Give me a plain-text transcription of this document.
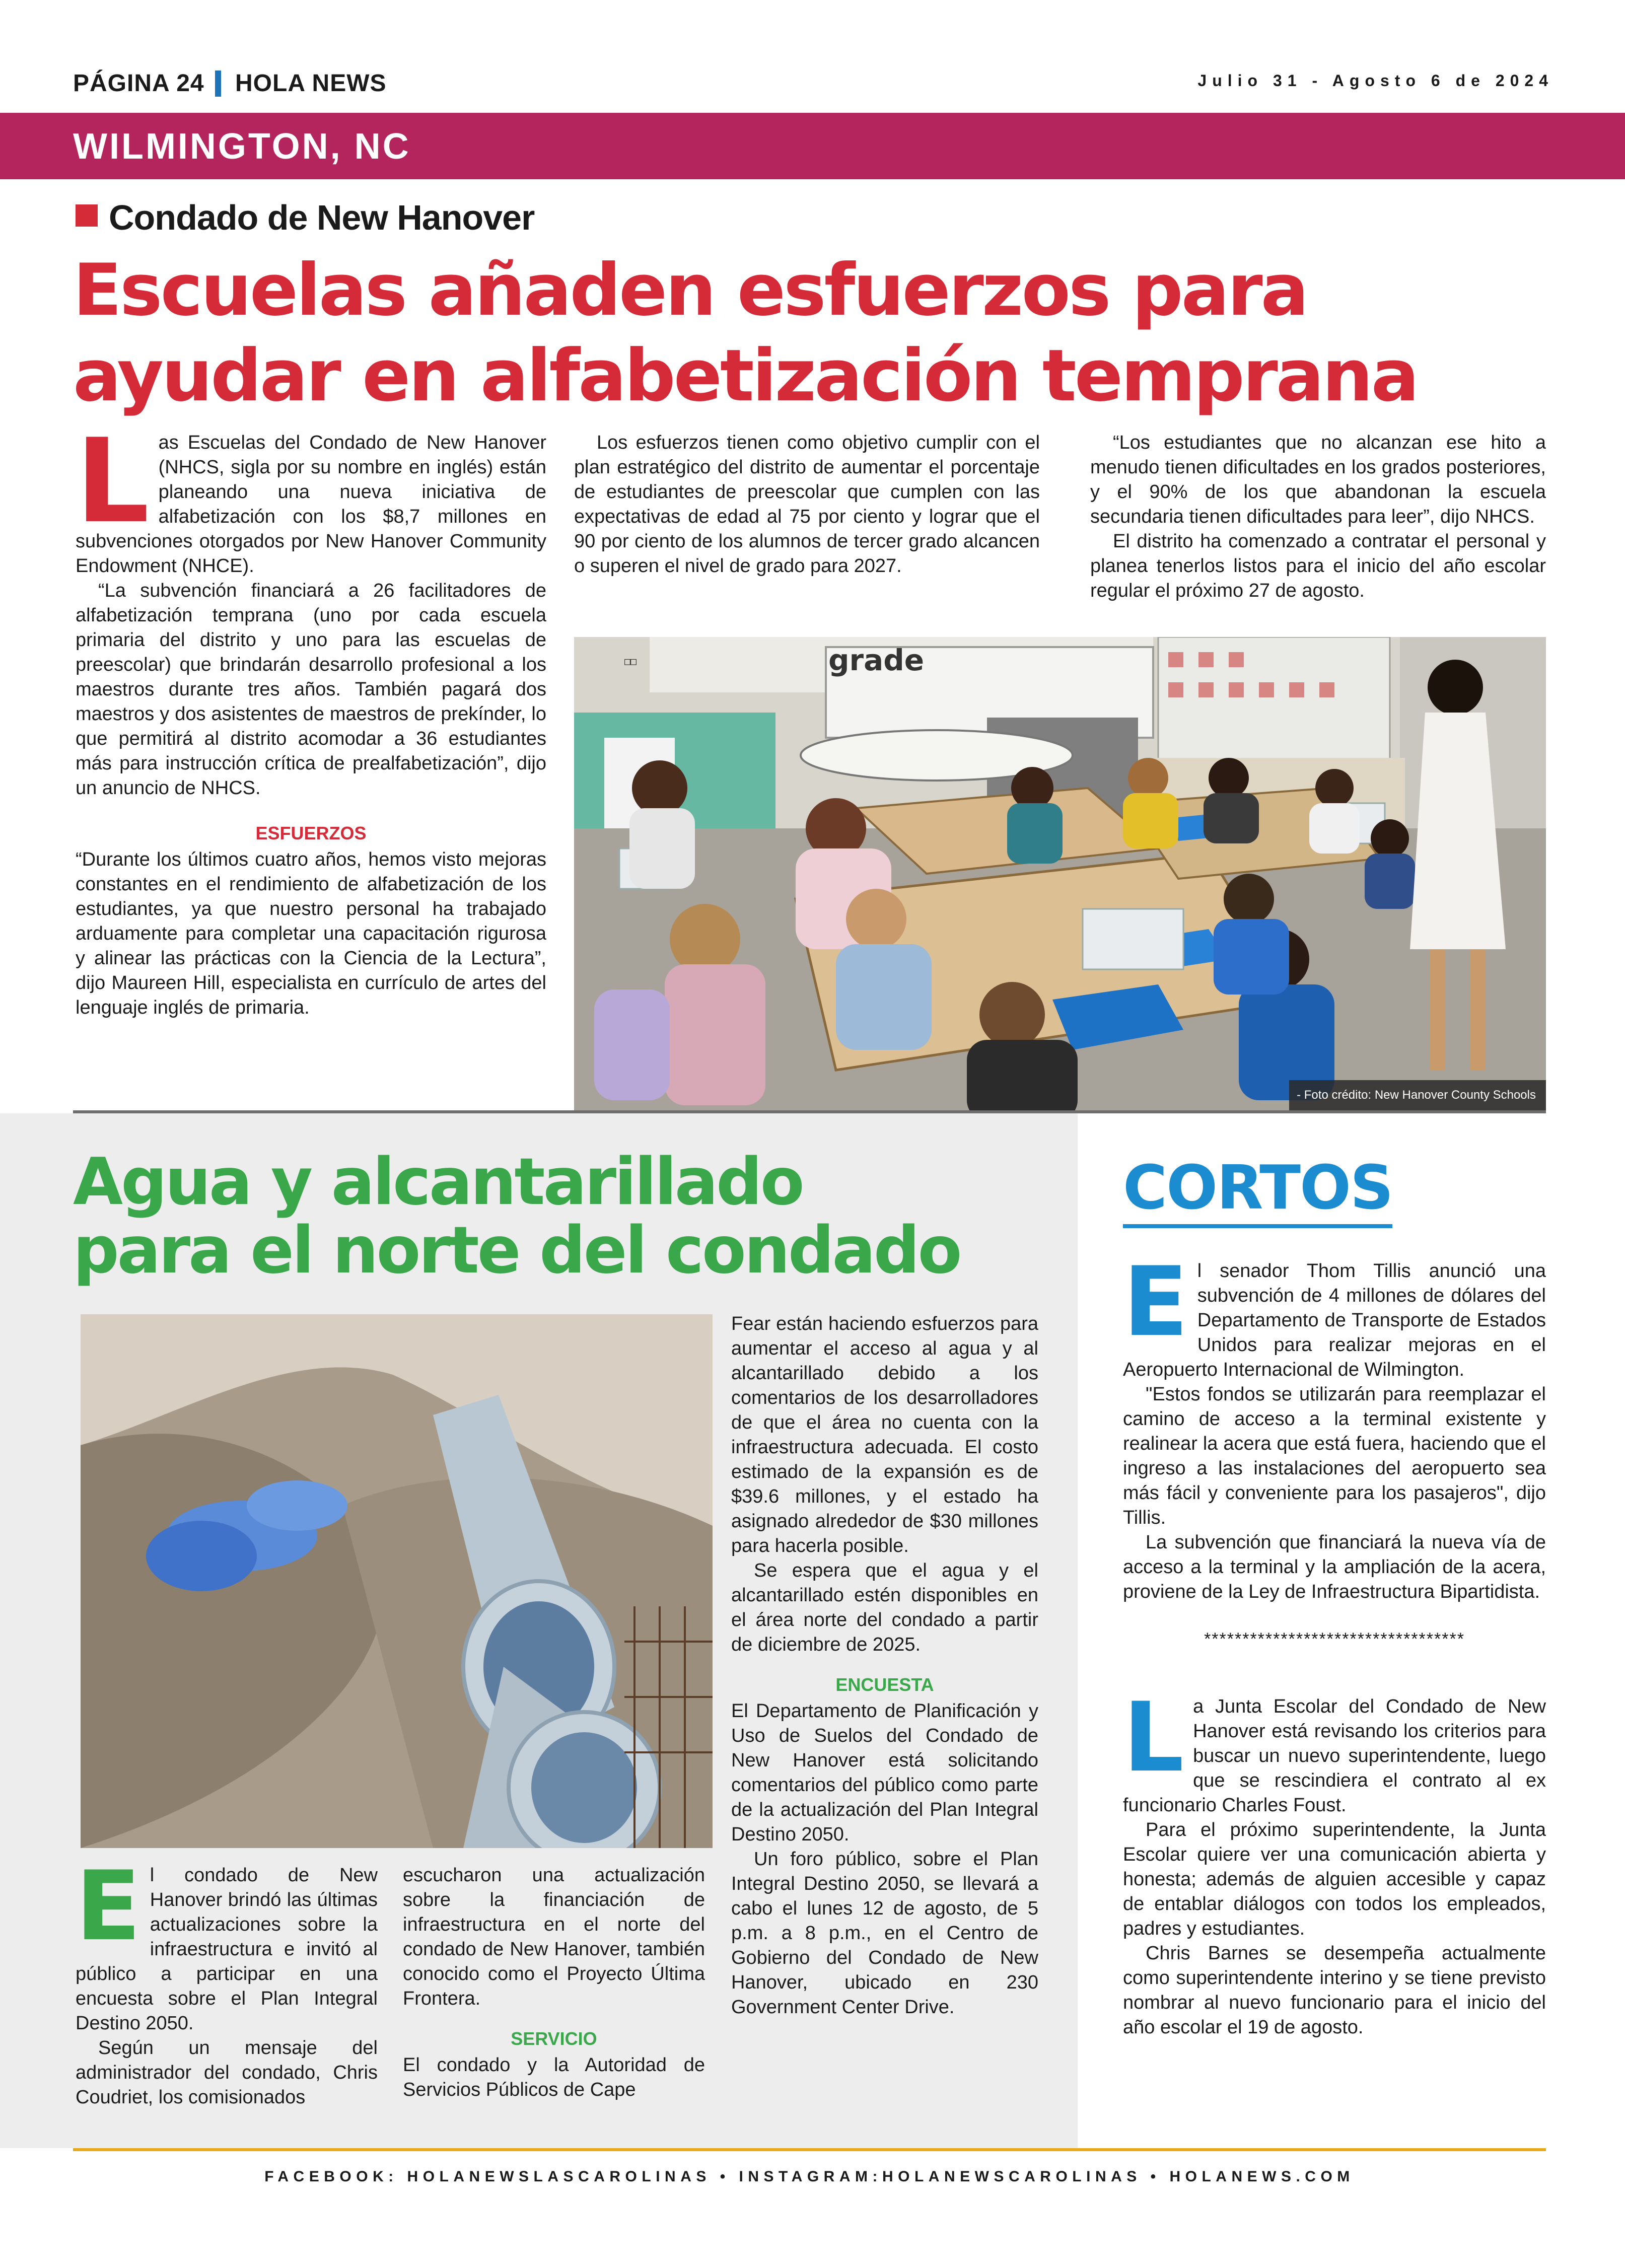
PÁGINA 24 HOLA NEWS	Julio 31 - Agosto 6 de 2024
WILMINGTON, NC
Condado de New Hanover
Escuelas añaden esfuerzos para
ayudar en alfabetización temprana

Las Escuelas del Condado de New Hanover (NHCS, sigla por su nombre en inglés) están planeando una nueva iniciativa de alfabetización con los $8,7 millones en subvenciones otorgados por New Hanover Community Endowment (NHCE).

“La subvención financiará a 26 facilitadores de alfabetización temprana (uno por cada escuela primaria del distrito y uno para las escuelas de preescolar) que brindarán desarrollo profesional a los maestros durante tres años. También pagará dos maestros y dos asistentes de maestros de prekínder, lo que permitirá al distrito acomodar a 36 estudiantes más para instrucción crítica de prealfabetización”, dijo un anuncio de NHCS.

ESFUERZOS

“Durante los últimos cuatro años, hemos visto mejoras constantes en el rendimiento de alfabetización de los estudiantes, ya que nuestro personal ha trabajado arduamente para completar una capacitación rigurosa y alinear las prácticas con la Ciencia de la Lectura”, dijo Maureen Hill, especialista en currículo de artes del lenguaje inglés de primaria.

Los esfuerzos tienen como objetivo cumplir con el plan estratégico del distrito de aumentar el porcentaje de estudiantes de preescolar que cumplen con las expectativas de edad al 75 por ciento y lograr que el 90 por ciento de los alumnos de tercer grado alcancen o superen el nivel de grado para 2027.

“Los estudiantes que no alcanzan ese hito a menudo tienen dificultades en los grados posteriores, y el 90% de los que abandonan la escuela secundaria tienen dificultades para leer”, dijo NHCS.

El distrito ha comenzado a contratar el personal y planea tenerlos listos para el inicio del año escolar regular el próximo 27 de agosto.

□□	grade
- Foto crédito: New Hanover County Schools
Agua y alcantarillado
para el norte del condado

El condado de New Hanover brindó las últimas actualizaciones sobre la infraestructura e invitó al público a participar en una encuesta sobre el Plan Integral Destino 2050.

Según un mensaje del administrador del condado, Chris Coudriet, los comisionados

escucharon una actualización sobre la financiación de infraestructura en el norte del condado de New Hanover, también conocido como el Proyecto Última Frontera.

SERVICIO

El condado y la Autoridad de Servicios Públicos de Cape

Fear están haciendo esfuerzos para aumentar el acceso al agua y al alcantarillado debido a los comentarios de los desarrolladores de que el área no cuenta con la infraestructura adecuada. El costo estimado de la expansión es de $39.6 millones, y el estado ha asignado alrededor de $30 millones para hacerla posible.

Se espera que el agua y el alcantarillado estén disponibles en el área norte del condado a partir de diciembre de 2025.

ENCUESTA

El Departamento de Planificación y Uso de Suelos del Condado de New Hanover está solicitando comentarios del público como parte de la actualización del Plan Integral Destino 2050.

Un foro público, sobre el Plan Integral Destino 2050, se llevará a cabo el lunes 12 de agosto, de 5 p.m. a 8 p.m., en el Centro de Gobierno del Condado de New Hanover, ubicado en 230 Government Center Drive.

CORTOS

El senador Thom Tillis anunció una subvención de 4 millones de dólares del Departamento de Transporte de Estados Unidos para realizar mejoras en el Aeropuerto Internacional de Wilmington.

"Estos fondos se utilizarán para reemplazar el camino de acceso a la terminal existente y realinear la acera que está fuera, haciendo que el ingreso a las instalaciones del aeropuerto sea más fácil y conveniente para los pasajeros", dijo Tillis.

La subvención que financiará la nueva vía de acceso a la terminal y la ampliación de la acera, proviene de la Ley de Infraestructura Bipartidista.

**********************************

La Junta Escolar del Condado de New Hanover está revisando los criterios para buscar un nuevo superintendente, luego que se rescindiera el contrato al ex funcionario Charles Foust.

Para el próximo superintendente, la Junta Escolar quiere ver una comunicación abierta y honesta; además de alguien accesible y capaz de entablar diálogos con todos los empleados, padres y estudiantes.

Chris Barnes se desempeña actualmente como superintendente interino y se tiene previsto nombrar al nuevo funcionario para el inicio del año escolar el 19 de agosto.

FACEBOOK: HOLANEWSLASCAROLINAS • INSTAGRAM:HOLANEWSCAROLINAS • HOLANEWS.COM
